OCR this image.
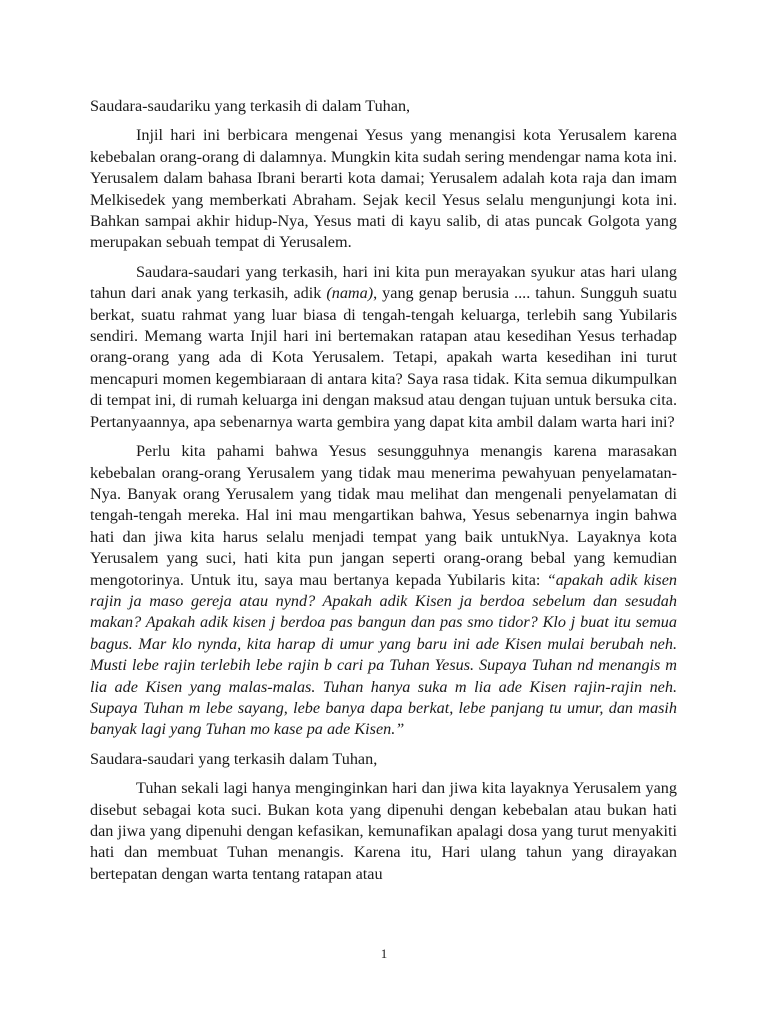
Saudara-saudariku yang terkasih di dalam Tuhan,

Injil hari ini berbicara mengenai Yesus yang menangisi kota Yerusalem karena kebebalan orang-orang di dalamnya. Mungkin kita sudah sering mendengar nama kota ini. Yerusalem dalam bahasa Ibrani berarti kota damai; Yerusalem adalah kota raja dan imam Melkisedek yang memberkati Abraham. Sejak kecil Yesus selalu mengunjungi kota ini. Bahkan sampai akhir hidup-Nya, Yesus mati di kayu salib, di atas puncak Golgota yang merupakan sebuah tempat di Yerusalem.

Saudara-saudari yang terkasih, hari ini kita pun merayakan syukur atas hari ulang tahun dari anak yang terkasih, adik (nama), yang genap berusia .... tahun. Sungguh suatu berkat, suatu rahmat yang luar biasa di tengah-tengah keluarga, terlebih sang Yubilaris sendiri. Memang warta Injil hari ini bertemakan ratapan atau kesedihan Yesus terhadap orang-orang yang ada di Kota Yerusalem. Tetapi, apakah warta kesedihan ini turut mencapuri momen kegembiaraan di antara kita? Saya rasa tidak. Kita semua dikumpulkan di tempat ini, di rumah keluarga ini dengan maksud atau dengan tujuan untuk bersuka cita. Pertanyaannya, apa sebenarnya warta gembira yang dapat kita ambil dalam warta hari ini?

Perlu kita pahami bahwa Yesus sesungguhnya menangis karena marasakan kebebalan orang-orang Yerusalem yang tidak mau menerima pewahyuan penyelamatan-Nya. Banyak orang Yerusalem yang tidak mau melihat dan mengenali penyelamatan di tengah-tengah mereka. Hal ini mau mengartikan bahwa, Yesus sebenarnya ingin bahwa hati dan jiwa kita harus selalu menjadi tempat yang baik untukNya. Layaknya kota Yerusalem yang suci, hati kita pun jangan seperti orang-orang bebal yang kemudian mengotorinya. Untuk itu, saya mau bertanya kepada Yubilaris kita: “apakah adik kisen rajin ja maso gereja atau nynd? Apakah adik Kisen ja berdoa sebelum dan sesudah makan? Apakah adik kisen j berdoa pas bangun dan pas smo tidor? Klo j buat itu semua bagus. Mar klo nynda, kita harap di umur yang baru ini ade Kisen mulai berubah neh. Musti lebe rajin terlebih lebe rajin b cari pa Tuhan Yesus. Supaya Tuhan nd menangis m lia ade Kisen yang malas-malas. Tuhan hanya suka m lia ade Kisen rajin-rajin neh. Supaya Tuhan m lebe sayang, lebe banya dapa berkat, lebe panjang tu umur, dan masih banyak lagi yang Tuhan mo kase pa ade Kisen.”

Saudara-saudari yang terkasih dalam Tuhan,

Tuhan sekali lagi hanya menginginkan hari dan jiwa kita layaknya Yerusalem yang disebut sebagai kota suci. Bukan kota yang dipenuhi dengan kebebalan atau bukan hati dan jiwa yang dipenuhi dengan kefasikan, kemunafikan apalagi dosa yang turut menyakiti hati dan membuat Tuhan menangis. Karena itu, Hari ulang tahun yang dirayakan bertepatan dengan warta tentang ratapan atau

1
